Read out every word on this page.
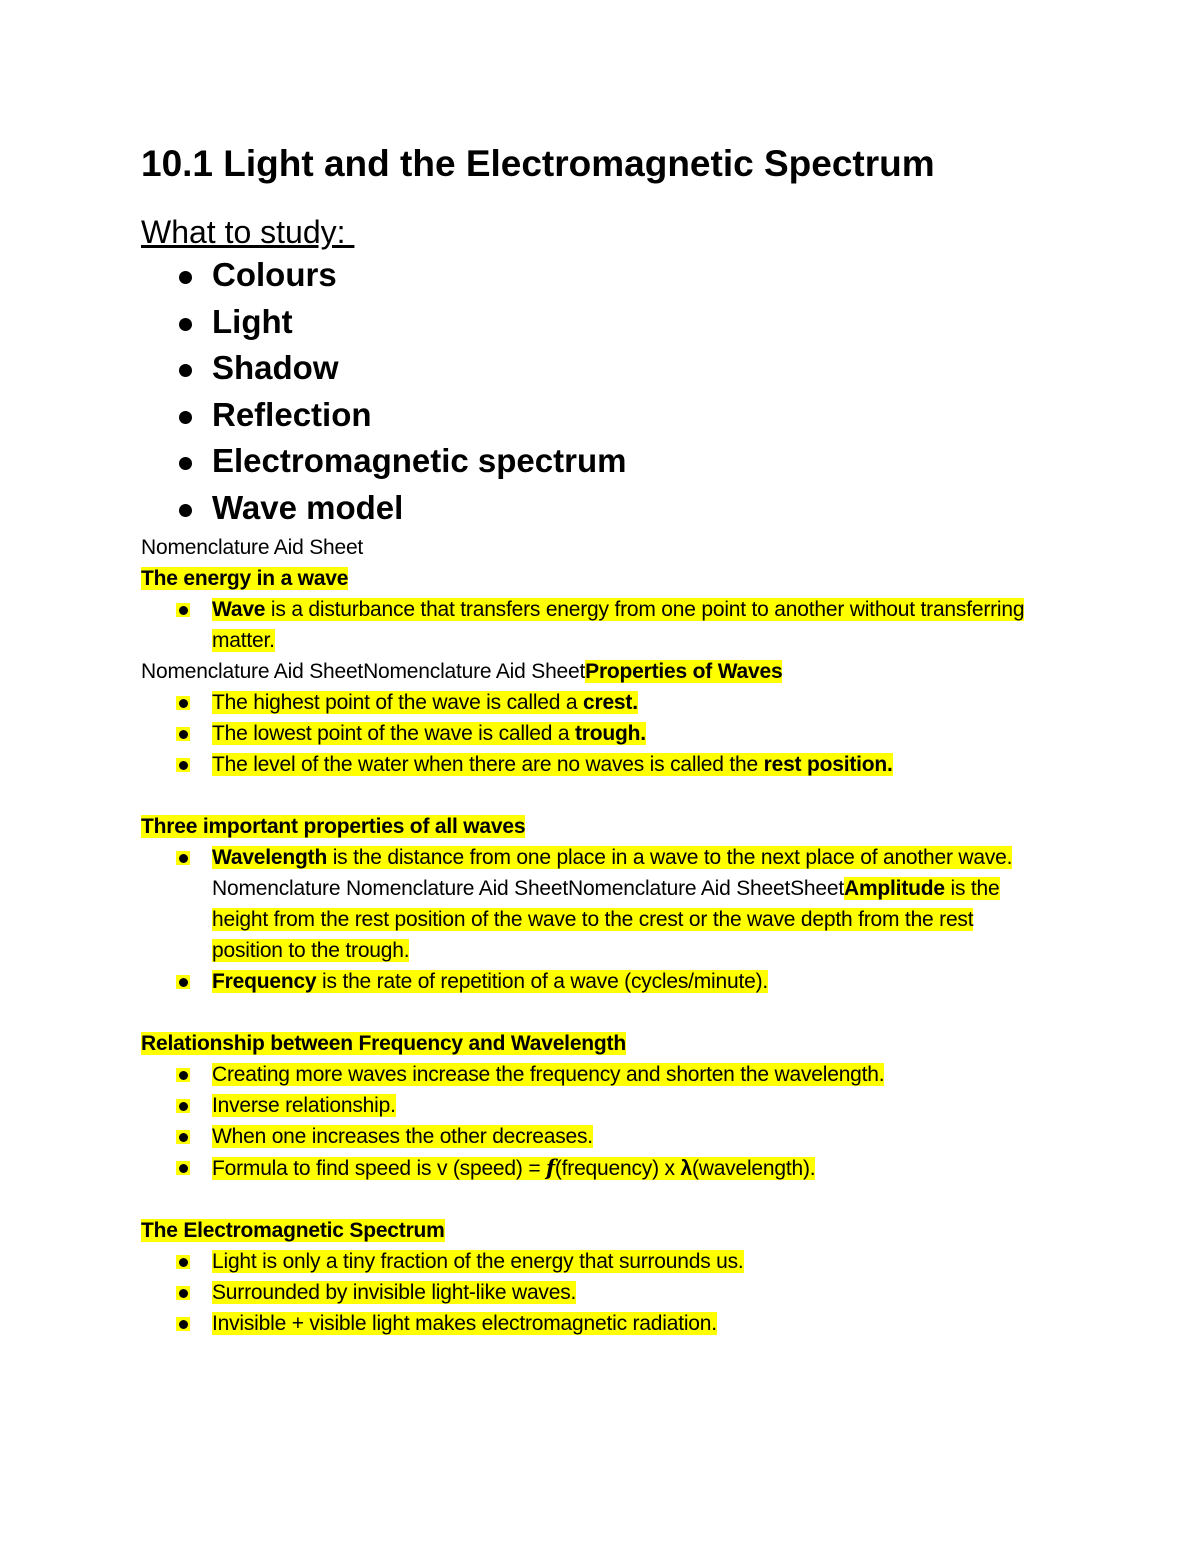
10.1 Light and the Electromagnetic Spectrum
What to study:
Colours
Light
Shadow
Reflection
Electromagnetic spectrum
Wave model
Nomenclature Aid Sheet
The energy in a wave
Wave is a disturbance that transfers energy from one point to another without transferring matter.
Nomenclature Aid SheetNomenclature Aid SheetProperties of Waves
The highest point of the wave is called a crest.
The lowest point of the wave is called a trough.
The level of the water when there are no waves is called the rest position.
Three important properties of all waves
Wavelength is the distance from one place in a wave to the next place of another wave. Nomenclature Nomenclature Aid SheetNomenclature Aid SheetSheetAmplitude is the height from the rest position of the wave to the crest or the wave depth from the rest position to the trough.
Frequency is the rate of repetition of a wave (cycles/minute).
Relationship between Frequency and Wavelength
Creating more waves increase the frequency and shorten the wavelength.
Inverse relationship.
When one increases the other decreases.
Formula to find speed is v (speed) = f(frequency) x λ(wavelength).
The Electromagnetic Spectrum
Light is only a tiny fraction of the energy that surrounds us.
Surrounded by invisible light-like waves.
Invisible + visible light makes electromagnetic radiation.
